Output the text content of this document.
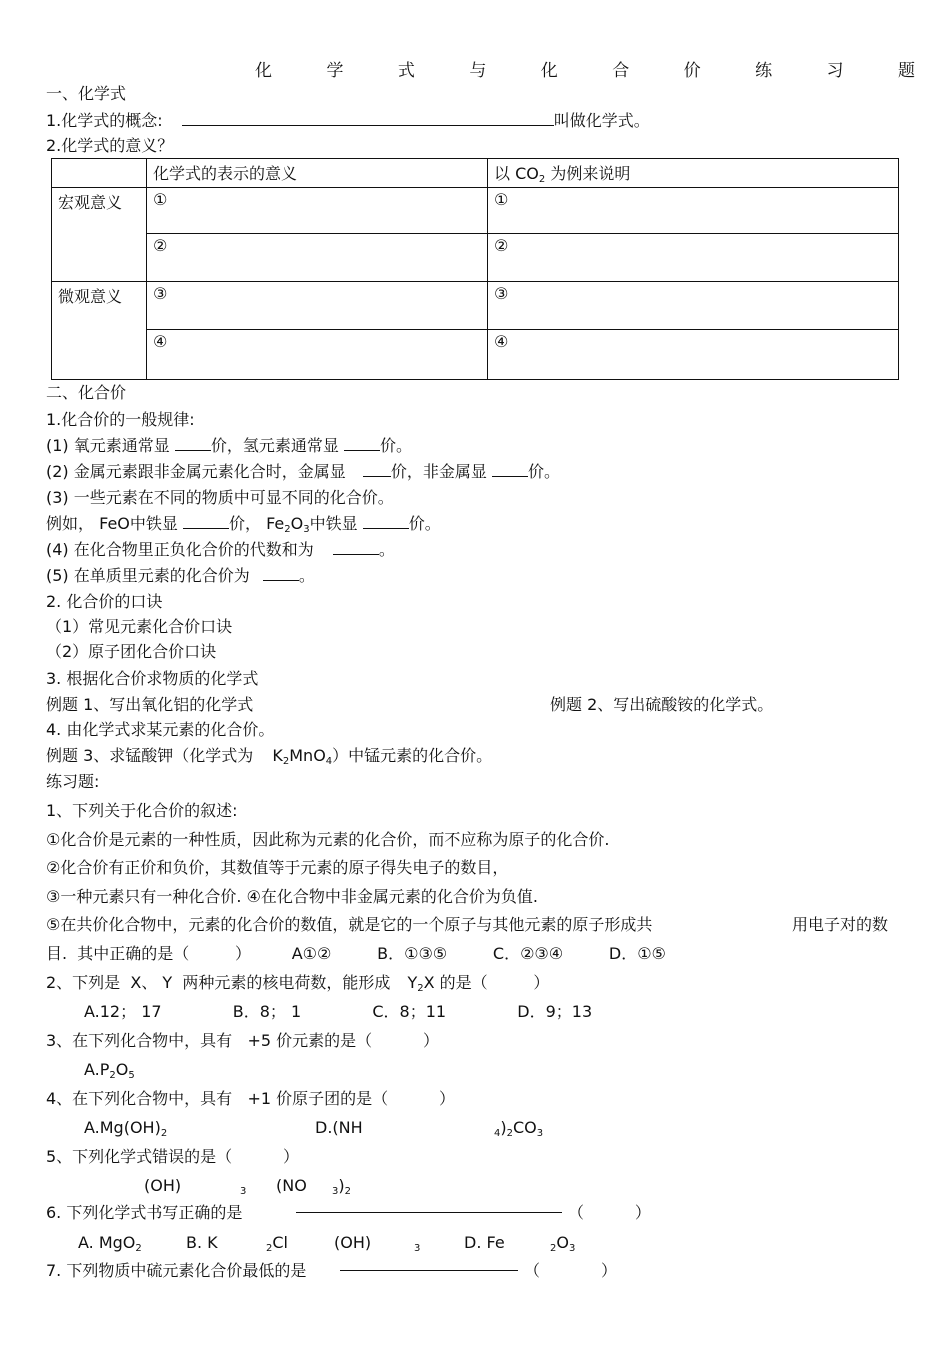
化	学	式	与	化	合	价	练	习	题
一、化学式
1.化学式的概念:	叫做化学式。
2.化学式的意义？
	化学式的表示的意义	以 $CO_2$ 为例来说明
宏观意义	①	①
	②	②
微观意义	③	③
	④	④
二、化合价
1.化合价的一般规律:
(1) 氧元素通常显	价，氢元素通常显	价。
(2) 金属元素跟非金属元素化合时，金属显	价，非金属显	价。
(3) 一些元素在不同的物质中可显不同的化合价。
例如， FeO中铁显	价， $Fe_2O_3$中铁显	价。
(4) 在化合物里正负化合价的代数和为	。
(5) 在单质里元素的化合价为	。
2. 化合价的口诀
（1）常见元素化合价口诀
（2）原子团化合价口诀
3. 根据化合价求物质的化学式
例题 1、写出氧化铝的化学式	例题 2、写出硫酸铵的化学式。
4. 由化学式求某元素的化合价。
例题 3、求锰酸钾（化学式为 $K_2MnO_4$）中锰元素的化合价。
练习题:
1、下列关于化合价的叙述:
①化合价是元素的一种性质，因此称为元素的化合价，而不应称为原子的化合价.
②化合价有正价和负价，其数值等于元素的原子得失电子的数目，
③一种元素只有一种化合价. ④在化合物中非金属元素的化合价为负值.
⑤在共价化合物中，元素的化合价的数值，就是它的一个原子与其他元素的原子形成共	用电子对的数
目.  其中正确的是（         ）        A①②         B．①③⑤         C．②③④         D．①⑤
2、下列是  X、 Y  两种元素的核电荷数，能形成 $Y_2X$ 的是（         ）
A.12； 17              B．8； 1              C．8；11              D．9；13
3、在下列化合物中，具有   +5 价元素的是（          ）
$A.P_2O_5$
4、在下列化合物中，具有   +1 价原子团的是（          ）
$A.Mg(OH)_2$	D.(NH	$_4)_2CO_3$
5、下列化学式错误的是（          ）
(OH)	$_3$ (NO	$_3)_2$
6. 下列化学式书写正确的是	（          ）
A. MgO$_2$	B. K	$_2$Cl	(OH)	$_3$	D. Fe	$_2O_3$
7. 下列物质中硫元素化合价最低的是	（            ）
